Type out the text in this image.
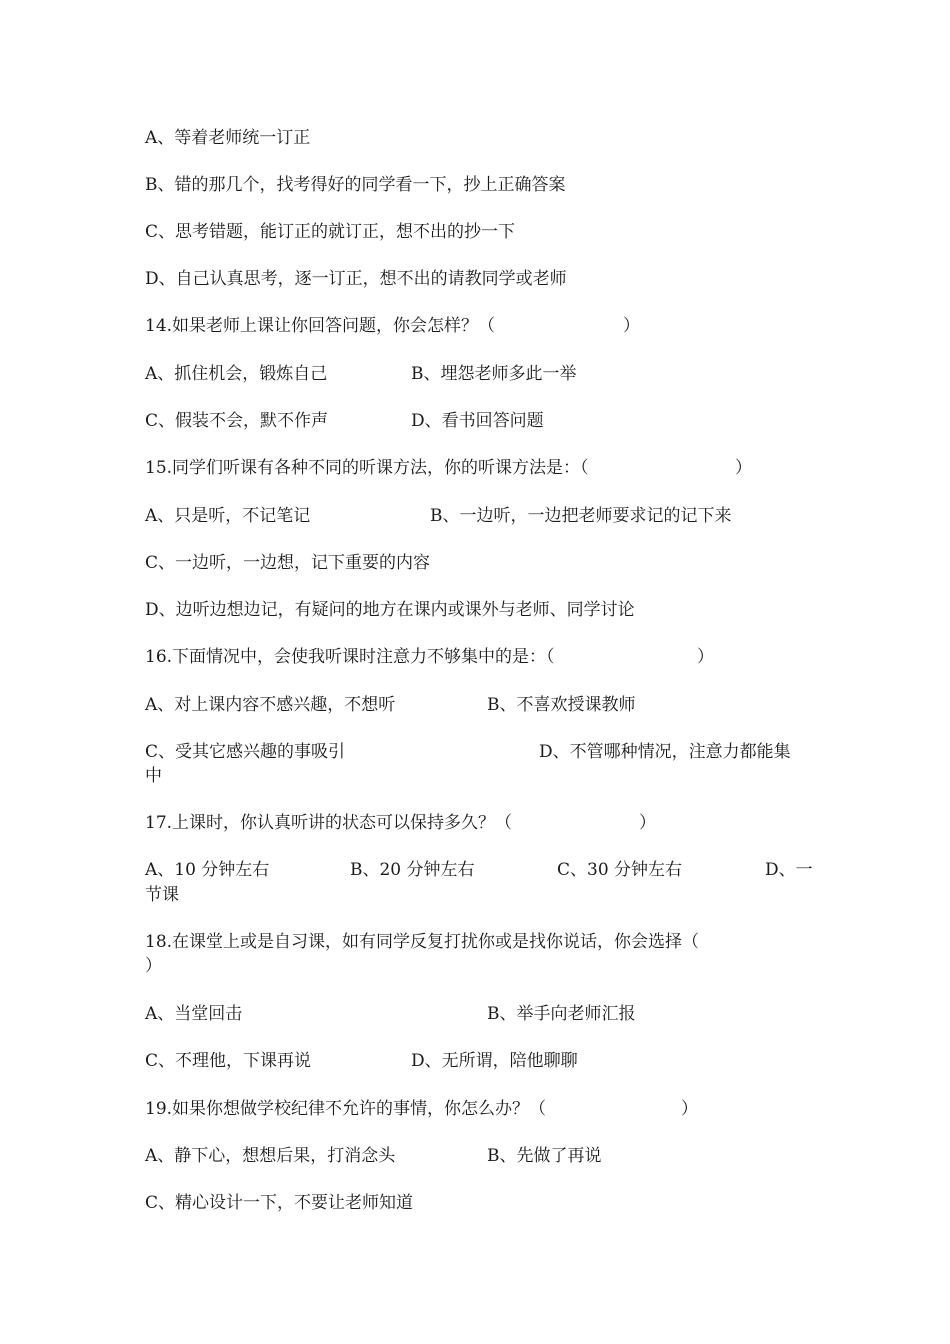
A、等着老师统一订正
B、错的那几个，找考得好的同学看一下，抄上正确答案
C、思考错题，能订正的就订正，想不出的抄一下
D、自己认真思考，逐一订正，想不出的请教同学或老师
14.如果老师上课让你回答问题，你会怎样？（	）
A、抓住机会，锻炼自己	B、埋怨老师多此一举
C、假装不会，默不作声	D、看书回答问题
15.同学们听课有各种不同的听课方法，你的听课方法是：（	）
A、只是听，不记笔记	B、一边听，一边把老师要求记的记下来
C、一边听，一边想，记下重要的内容
D、边听边想边记，有疑问的地方在课内或课外与老师、同学讨论
16.下面情况中，会使我听课时注意力不够集中的是：（	）
A、对上课内容不感兴趣，不想听	B、不喜欢授课教师
C、受其它感兴趣的事吸引	D、不管哪种情况，注意力都能集
中
17.上课时，你认真听讲的状态可以保持多久？（	）
A、10 分钟左右	B、20 分钟左右	C、30 分钟左右	D、一
节课
18.在课堂上或是自习课，如有同学反复打扰你或是找你说话，你会选择（
）
A、当堂回击	B、举手向老师汇报
C、不理他，下课再说	D、无所谓，陪他聊聊
19.如果你想做学校纪律不允许的事情，你怎么办？（	）
A、静下心，想想后果，打消念头	B、先做了再说
C、精心设计一下，不要让老师知道
